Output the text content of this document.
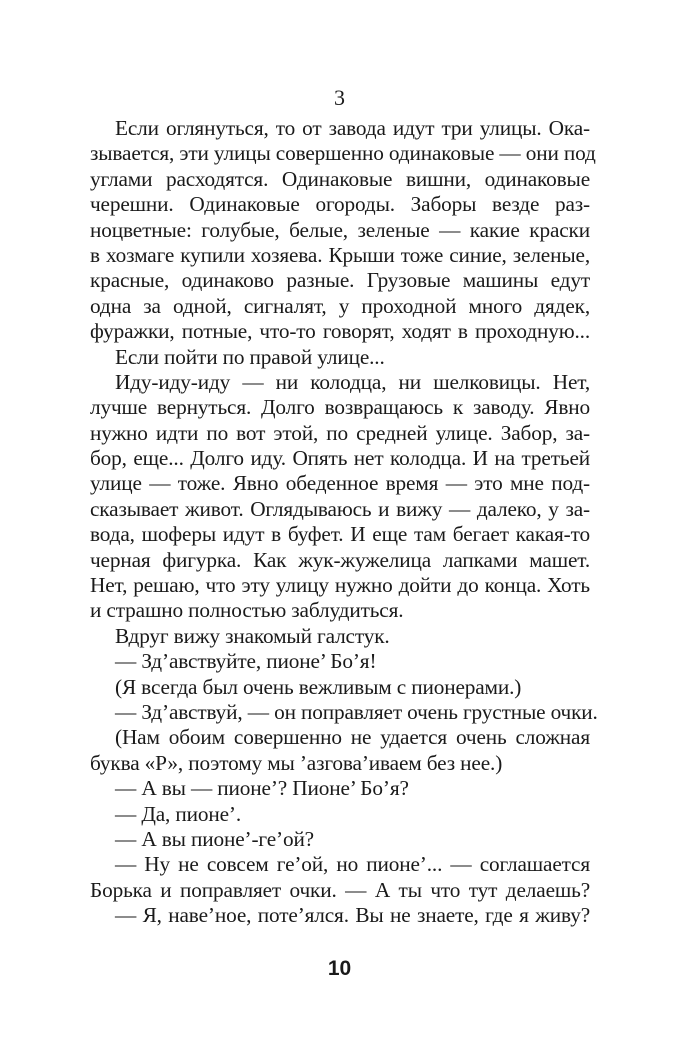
3
Если оглянуться, то от завода идут три улицы. Ока-
зывается, эти улицы совершенно одинаковые — они под
углами расходятся. Одинаковые вишни, одинаковые
черешни. Одинаковые огороды. Заборы везде раз-
ноцветные: голубые, белые, зеленые — какие краски
в хозмаге купили хозяева. Крыши тоже синие, зеленые,
красные, одинаково разные. Грузовые машины едут
одна за одной, сигналят, у проходной много дядек,
фуражки, потные, что-то говорят, ходят в проходную...
Если пойти по правой улице...
Иду-иду-иду — ни колодца, ни шелковицы. Нет,
лучше вернуться. Долго возвращаюсь к заводу. Явно
нужно идти по вот этой, по средней улице. Забор, за-
бор, еще... Долго иду. Опять нет колодца. И на третьей
улице — тоже. Явно обеденное время — это мне под-
сказывает живот. Оглядываюсь и вижу — далеко, у за-
вода, шоферы идут в буфет. И еще там бегает какая-то
черная фигурка. Как жук-жужелица лапками машет.
Нет, решаю, что эту улицу нужно дойти до конца. Хоть
и страшно полностью заблудиться.
Вдруг вижу знакомый галстук.
— Зд’авствуйте, пионе’ Бо’я!
(Я всегда был очень вежливым с пионерами.)
— Зд’авствуй, — он поправляет очень грустные очки.
(Нам обоим совершенно не удается очень сложная
буква «Р», поэтому мы ’азгова’иваем без нее.)
— А вы — пионе’? Пионе’ Бо’я?
— Да, пионе’.
— А вы пионе’-ге’ой?
— Ну не совсем ге’ой, но пионе’... — соглашается
Борька и поправляет очки. — А ты что тут делаешь?
— Я, наве’ное, поте’ялся. Вы не знаете, где я живу?
10
